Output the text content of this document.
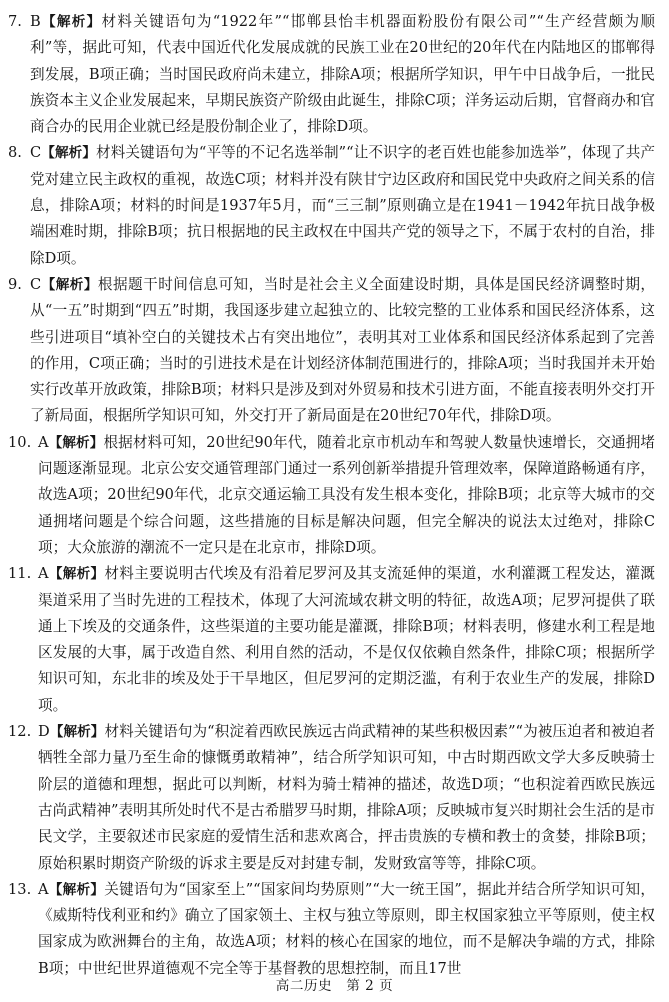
7. B【解析】材料关键语句为“1922年”“邯郸县怡丰机器面粉股份有限公司”“生产经营颇为顺利”等，据此可知，代表中国近代化发展成就的民族工业在20世纪的20年代在内陆地区的邯郸得到发展，B项正确；当时国民政府尚未建立，排除A项；根据所学知识，甲午中日战争后，一批民族资本主义企业发展起来，早期民族资产阶级由此诞生，排除C项；洋务运动后期，官督商办和官商合办的民用企业就已经是股份制企业了，排除D项。
8. C【解析】材料关键语句为“平等的不记名选举制”“让不识字的老百姓也能参加选举”，体现了共产党对建立民主政权的重视，故选C项；材料并没有陕甘宁边区政府和国民党中央政府之间关系的信息，排除A项；材料的时间是1937年5月，而“三三制”原则确立是在1941－1942年抗日战争极端困难时期，排除B项；抗日根据地的民主政权在中国共产党的领导之下，不属于农村的自治，排除D项。
9. C【解析】根据题干时间信息可知，当时是社会主义全面建设时期，具体是国民经济调整时期，从“一五”时期到“四五”时期，我国逐步建立起独立的、比较完整的工业体系和国民经济体系，这些引进项目“填补空白的关键技术占有突出地位”，表明其对工业体系和国民经济体系起到了完善的作用，C项正确；当时的引进技术是在计划经济体制范围进行的，排除A项；当时我国并未开始实行改革开放政策，排除B项；材料只是涉及到对外贸易和技术引进方面，不能直接表明外交打开了新局面，根据所学知识可知，外交打开了新局面是在20世纪70年代，排除D项。
10. A【解析】根据材料可知，20世纪90年代，随着北京市机动车和驾驶人数量快速增长，交通拥堵问题逐渐显现。北京公安交通管理部门通过一系列创新举措提升管理效率，保障道路畅通有序，故选A项；20世纪90年代，北京交通运输工具没有发生根本变化，排除B项；北京等大城市的交通拥堵问题是个综合问题，这些措施的目标是解决问题，但完全解决的说法太过绝对，排除C项；大众旅游的潮流不一定只是在北京市，排除D项。
11. A【解析】材料主要说明古代埃及有沿着尼罗河及其支流延伸的渠道，水利灌溉工程发达，灌溉渠道采用了当时先进的工程技术，体现了大河流域农耕文明的特征，故选A项；尼罗河提供了联通上下埃及的交通条件，这些渠道的主要功能是灌溉，排除B项；材料表明，修建水利工程是地区发展的大事，属于改造自然、利用自然的活动，不是仅仅依赖自然条件，排除C项；根据所学知识可知，东北非的埃及处于干旱地区，但尼罗河的定期泛滥，有利于农业生产的发展，排除D项。
12. D【解析】材料关键语句为“积淀着西欧民族远古尚武精神的某些积极因素”“为被压迫者和被迫者牺牲全部力量乃至生命的慷慨勇敢精神”，结合所学知识可知，中古时期西欧文学大多反映骑士阶层的道德和理想，据此可以判断，材料为骑士精神的描述，故选D项；“也积淀着西欧民族远古尚武精神”表明其所处时代不是古希腊罗马时期，排除A项；反映城市复兴时期社会生活的是市民文学，主要叙述市民家庭的爱情生活和悲欢离合，抨击贵族的专横和教士的贪婪，排除B项；原始积累时期资产阶级的诉求主要是反对封建专制，发财致富等等，排除C项。
13. A【解析】关键语句为“国家至上”“国家间均势原则”“大一统王国”，据此并结合所学知识可知，《威斯特伐利亚和约》确立了国家领土、主权与独立等原则，即主权国家独立平等原则，使主权国家成为欧洲舞台的主角，故选A项；材料的核心在国家的地位，而不是解决争端的方式，排除B项；中世纪世界道德观不完全等于基督教的思想控制，而且17世
高二历史　第 2 页
